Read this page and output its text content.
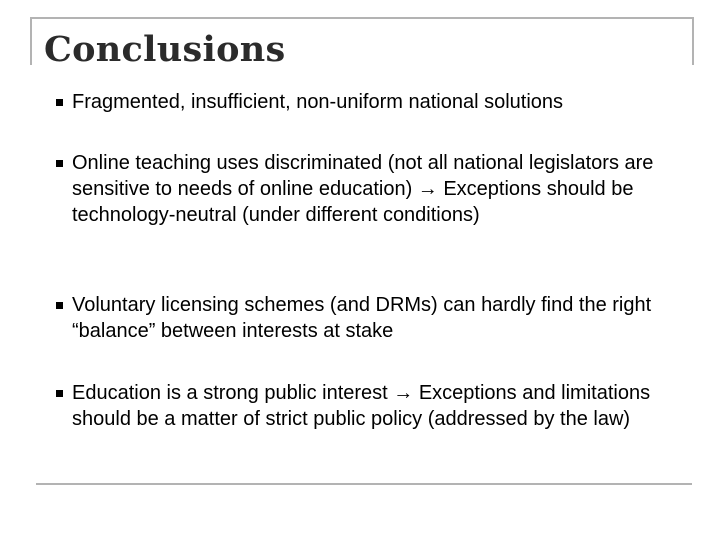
Conclusions

Fragmented, insufficient, non-uniform national solutions

Online teaching uses discriminated (not all national legislators are sensitive to needs of online education) → Exceptions should be technology-neutral (under different conditions)

Voluntary licensing schemes (and DRMs) can hardly find the right “balance” between interests at stake

Education is a strong public interest → Exceptions and limitations should be a matter of strict public policy (addressed by the law)
